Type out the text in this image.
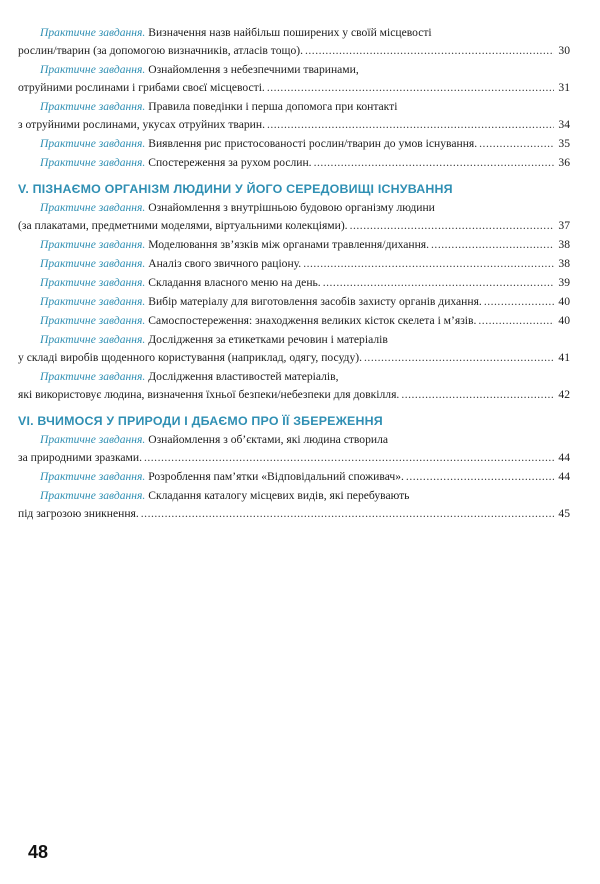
Практичне завдання. Визначення назв найбільш поширених у своїй місцевості
рослин/тварин (за допомогою визначників, атласів тощо). .....	30
Практичне завдання. Ознайомлення з небезпечними тваринами,
отруйними рослинами і грибами своєї місцевості. .....	31
Практичне завдання. Правила поведінки і перша допомога при контакті
з отруйними рослинами, укусах отруйних тварин. .....	34
Практичне завдання. Виявлення рис пристосованості рослин/тварин до умов існування. .....	35
Практичне завдання. Спостереження за рухом рослин. .....	36
V. ПІЗНАЄМО ОРГАНІЗМ ЛЮДИНИ У ЙОГО СЕРЕДОВИЩІ ІСНУВАННЯ
Практичне завдання. Ознайомлення з внутрішньою будовою організму людини
(за плакатами, предметними моделями, віртуальними колекціями). .....	37
Практичне завдання. Моделювання зв’язків між органами травлення/дихання. .....	38
Практичне завдання. Аналіз свого звичного раціону. .....	38
Практичне завдання. Складання власного меню на день. .....	39
Практичне завдання. Вибір матеріалу для виготовлення засобів захисту органів дихання. .....	40
Практичне завдання. Самоспостереження: знаходження великих кісток скелета і м’язів. .....	40
Практичне завдання. Дослідження за етикетками речовин і матеріалів
у складі виробів щоденного користування (наприклад, одягу, посуду). .....	41
Практичне завдання. Дослідження властивостей матеріалів,
які використовує людина, визначення їхньої безпеки/небезпеки для довкілля. .....	42
VI. ВЧИМОСЯ У ПРИРОДИ І ДБАЄМО ПРО ЇЇ ЗБЕРЕЖЕННЯ
Практичне завдання. Ознайомлення з об’єктами, які людина створила
за природними зразками. .....	44
Практичне завдання. Розроблення пам’ятки «Відповідальний споживач». .....	44
Практичне завдання. Складання каталогу місцевих видів, які перебувають
під загрозою зникнення. .....	45
48
